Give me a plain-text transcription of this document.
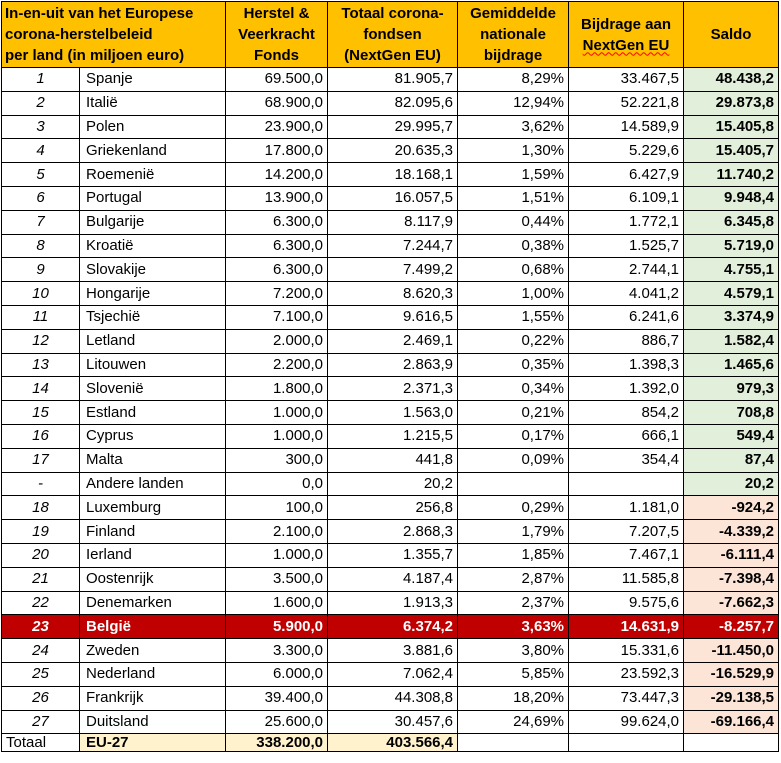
In-en-uit van het Europese
corona-herstelbeleid
per land (in miljoen euro)		Herstel &
Veerkracht
Fonds	Totaal corona-
fondsen
(NextGen EU)	Gemiddelde
nationale
bijdrage	Bijdrage aan
NextGen EU	Saldo
1	Spanje	69.500,0	81.905,7	8,29%	33.467,5	48.438,2
2	Italië	68.900,0	82.095,6	12,94%	52.221,8	29.873,8
3	Polen	23.900,0	29.995,7	3,62%	14.589,9	15.405,8
4	Griekenland	17.800,0	20.635,3	1,30%	5.229,6	15.405,7
5	Roemenië	14.200,0	18.168,1	1,59%	6.427,9	11.740,2
6	Portugal	13.900,0	16.057,5	1,51%	6.109,1	9.948,4
7	Bulgarije	6.300,0	8.117,9	0,44%	1.772,1	6.345,8
8	Kroatië	6.300,0	7.244,7	0,38%	1.525,7	5.719,0
9	Slovakije	6.300,0	7.499,2	0,68%	2.744,1	4.755,1
10	Hongarije	7.200,0	8.620,3	1,00%	4.041,2	4.579,1
11	Tsjechië	7.100,0	9.616,5	1,55%	6.241,6	3.374,9
12	Letland	2.000,0	2.469,1	0,22%	886,7	1.582,4
13	Litouwen	2.200,0	2.863,9	0,35%	1.398,3	1.465,6
14	Slovenië	1.800,0	2.371,3	0,34%	1.392,0	979,3
15	Estland	1.000,0	1.563,0	0,21%	854,2	708,8
16	Cyprus	1.000,0	1.215,5	0,17%	666,1	549,4
17	Malta	300,0	441,8	0,09%	354,4	87,4
-	Andere landen	0,0	20,2			20,2
18	Luxemburg	100,0	256,8	0,29%	1.181,0	-924,2
19	Finland	2.100,0	2.868,3	1,79%	7.207,5	-4.339,2
20	Ierland	1.000,0	1.355,7	1,85%	7.467,1	-6.111,4
21	Oostenrijk	3.500,0	4.187,4	2,87%	11.585,8	-7.398,4
22	Denemarken	1.600,0	1.913,3	2,37%	9.575,6	-7.662,3
23	België	5.900,0	6.374,2	3,63%	14.631,9	-8.257,7
24	Zweden	3.300,0	3.881,6	3,80%	15.331,6	-11.450,0
25	Nederland	6.000,0	7.062,4	5,85%	23.592,3	-16.529,9
26	Frankrijk	39.400,0	44.308,8	18,20%	73.447,3	-29.138,5
27	Duitsland	25.600,0	30.457,6	24,69%	99.624,0	-69.166,4
Totaal	EU-27	338.200,0	403.566,4			
